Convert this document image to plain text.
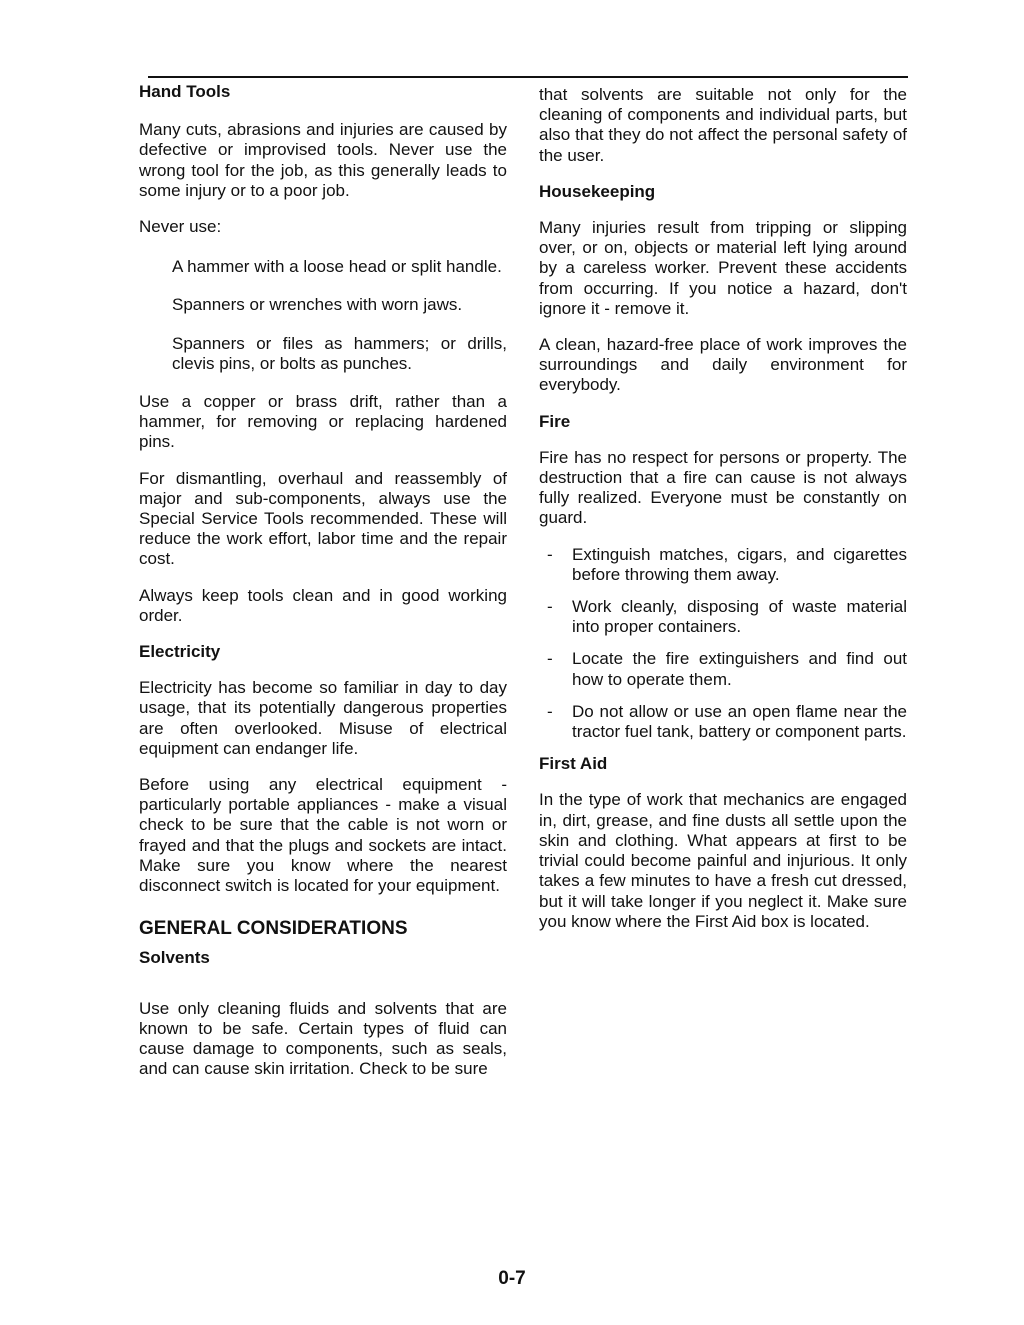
Hand Tools

Many cuts, abrasions and injuries are caused by defective or improvised tools. Never use the wrong tool for the job, as this generally leads to some injury or to a poor job.

Never use:

A hammer with a loose head or split handle.

Spanners or wrenches with worn jaws.

Spanners or files as hammers; or drills, clevis pins, or bolts as punches.

Use a copper or brass drift, rather than a hammer, for removing or replacing hardened pins.

For dismantling, overhaul and reassembly of major and sub-components, always use the Special Service Tools recommended. These will reduce the work effort, labor time and the repair cost.

Always keep tools clean and in good working order.

Electricity

Electricity has become so familiar in day to day usage, that its potentially dangerous properties are often overlooked. Misuse of electrical equipment can endanger life.

Before using any electrical equipment - particularly portable appliances - make a visual check to be sure that the cable is not worn or frayed and that the plugs and sockets are intact. Make sure you know where the nearest disconnect switch is located for your equipment.

GENERAL CONSIDERATIONS
Solvents

Use only cleaning fluids and solvents that are known to be safe. Certain types of fluid can cause damage to components, such as seals, and can cause skin irritation. Check to be sure

that solvents are suitable not only for the cleaning of components and individual parts, but also that they do not affect the personal safety of the user.

Housekeeping

Many injuries result from tripping or slipping over, or on, objects or material left lying around by a careless worker. Prevent these accidents from occurring. If you notice a hazard, don't ignore it - remove it.

A clean, hazard-free place of work improves the surroundings and daily environment for everybody.

Fire

Fire has no respect for persons or property. The destruction that a fire can cause is not always fully realized. Everyone must be constantly on guard.

- Extinguish matches, cigars, and cigarettes before throwing them away.
- Work cleanly, disposing of waste material into proper containers.
- Locate the fire extinguishers and find out how to operate them.
- Do not allow or use an open flame near the tractor fuel tank, battery or component parts.
First Aid

In the type of work that mechanics are engaged in, dirt, grease, and fine dusts all settle upon the skin and clothing. What appears at first to be trivial could become painful and injurious. It only takes a few minutes to have a fresh cut dressed, but it will take longer if you neglect it. Make sure you know where the First Aid box is located.

0-7
